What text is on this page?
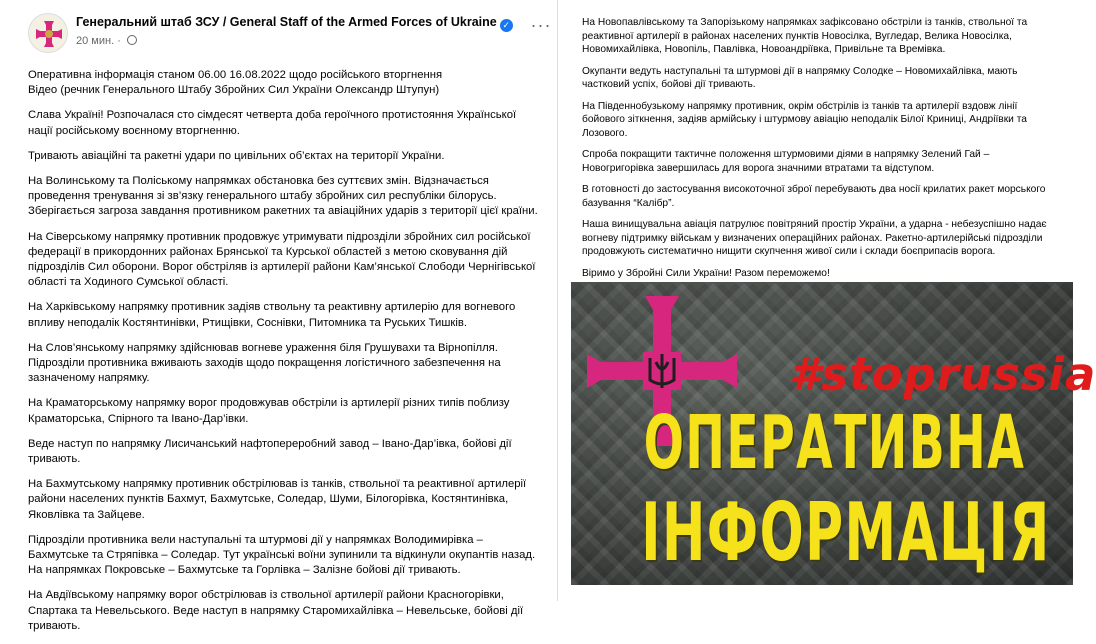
Генеральний штаб ЗСУ / General Staff of the Armed Forces of Ukraine ✓
20 мин. ·
···

Оперативна інформація станом 06.00 16.08.2022 щодо російського вторгнення
Відео (речник Генерального Штабу Збройних Сил України Олександр Штупун)

Слава Україні! Розпочалася сто сімдесят четверта доба героїчного протистояння Української нації російському воєнному вторгненню.

Тривають авіаційні та ракетні удари по цивільних об’єктах на території України.

На Волинському та Поліському напрямках обстановка без суттєвих змін. Відзначається проведення тренування зі зв’язку генерального штабу збройних сил республіки білорусь. Зберігається загроза завдання противником ракетних та авіаційних ударів з території цієї країни.

На Сіверському напрямку противник продовжує утримувати підрозділи збройних сил російської федерації в прикордонних районах Брянської та Курської областей з метою сковування дій підрозділів Сил оборони. Ворог обстріляв із артилерії райони Кам’янської Слободи Чернігівської області та Ходиного Сумської області.

На Харківському напрямку противник задіяв ствольну та реактивну артилерію для вогневого впливу неподалік Костянтинівки, Ртищівки, Соснівки, Питомника та Руських Тишків.

На Слов’янському напрямку здійснював вогневе ураження біля Грушувахи та Вірнопілля. Підрозділи противника вживають заходів щодо покращення логістичного забезпечення на зазначеному напрямку.

На Краматорському напрямку ворог продовжував обстріли із артилерії різних типів поблизу Краматорська, Спірного та Івано-Дар’івки.

Веде наступ по напрямку Лисичанський нафтопереробний завод – Івано-Дар’івка, бойові дії тривають.

На Бахмутському напрямку противник обстрілював із танків, ствольної та реактивної артилерії райони населених пунктів Бахмут, Бахмутське, Соледар, Шуми, Білогорівка, Костянтинівка, Яковлівка та Зайцеве.

Підрозділи противника вели наступальні та штурмові дії у напрямках Володимирівка – Бахмутське та Стряпівка – Соледар. Тут українські воїни зупинили та відкинули окупантів назад. На напрямках Покровське – Бахмутське та Горлівка – Залізне бойові дії тривають.

На Авдіївському напрямку ворог обстрілював із ствольної артилерії райони Красногорівки, Спартака та Невельського. Веде наступ в напрямку Старомихайлівка – Невельське, бойові дії тривають.

На Новопавлівському та Запорізькому напрямках зафіксовано обстріли із танків, ствольної та реактивної артилерії в районах населених пунктів Новосілка, Вугледар, Велика Новосілка, Новомихайлівка, Новопіль, Павлівка, Новоандріївка, Привільне та Времівка.

Окупанти ведуть наступальні та штурмові дії в напрямку Солодке – Новомихайлівка, мають частковий успіх, бойові дії тривають.

На Південнобузькому напрямку противник, окрім обстрілів із танків та артилерії вздовж лінії бойового зіткнення, задіяв армійську і штурмову авіацію неподалік Білої Криниці, Андріївки та Лозового.

Спроба покращити тактичне положення штурмовими діями в напрямку Зелений Гай – Новогригорівка завершилась для ворога значними втратами та відступом.

В готовності до застосування високоточної зброї перебувають два носії крилатих ракет морського базування “Калібр”.

Наша винищувальна авіація патрулює повітряний простір України, а ударна - небезуспішно надає вогневу підтримку військам у визначених операційних районах. Ракетно-артилерійські підрозділи продовжують систематично нищити скупчення живої сили і склади боєприпасів ворога.

Віримо у Збройні Сили України! Разом переможемо!

#stoprussia
ОПЕРАТИВНА
ІНФОРМАЦІЯ
